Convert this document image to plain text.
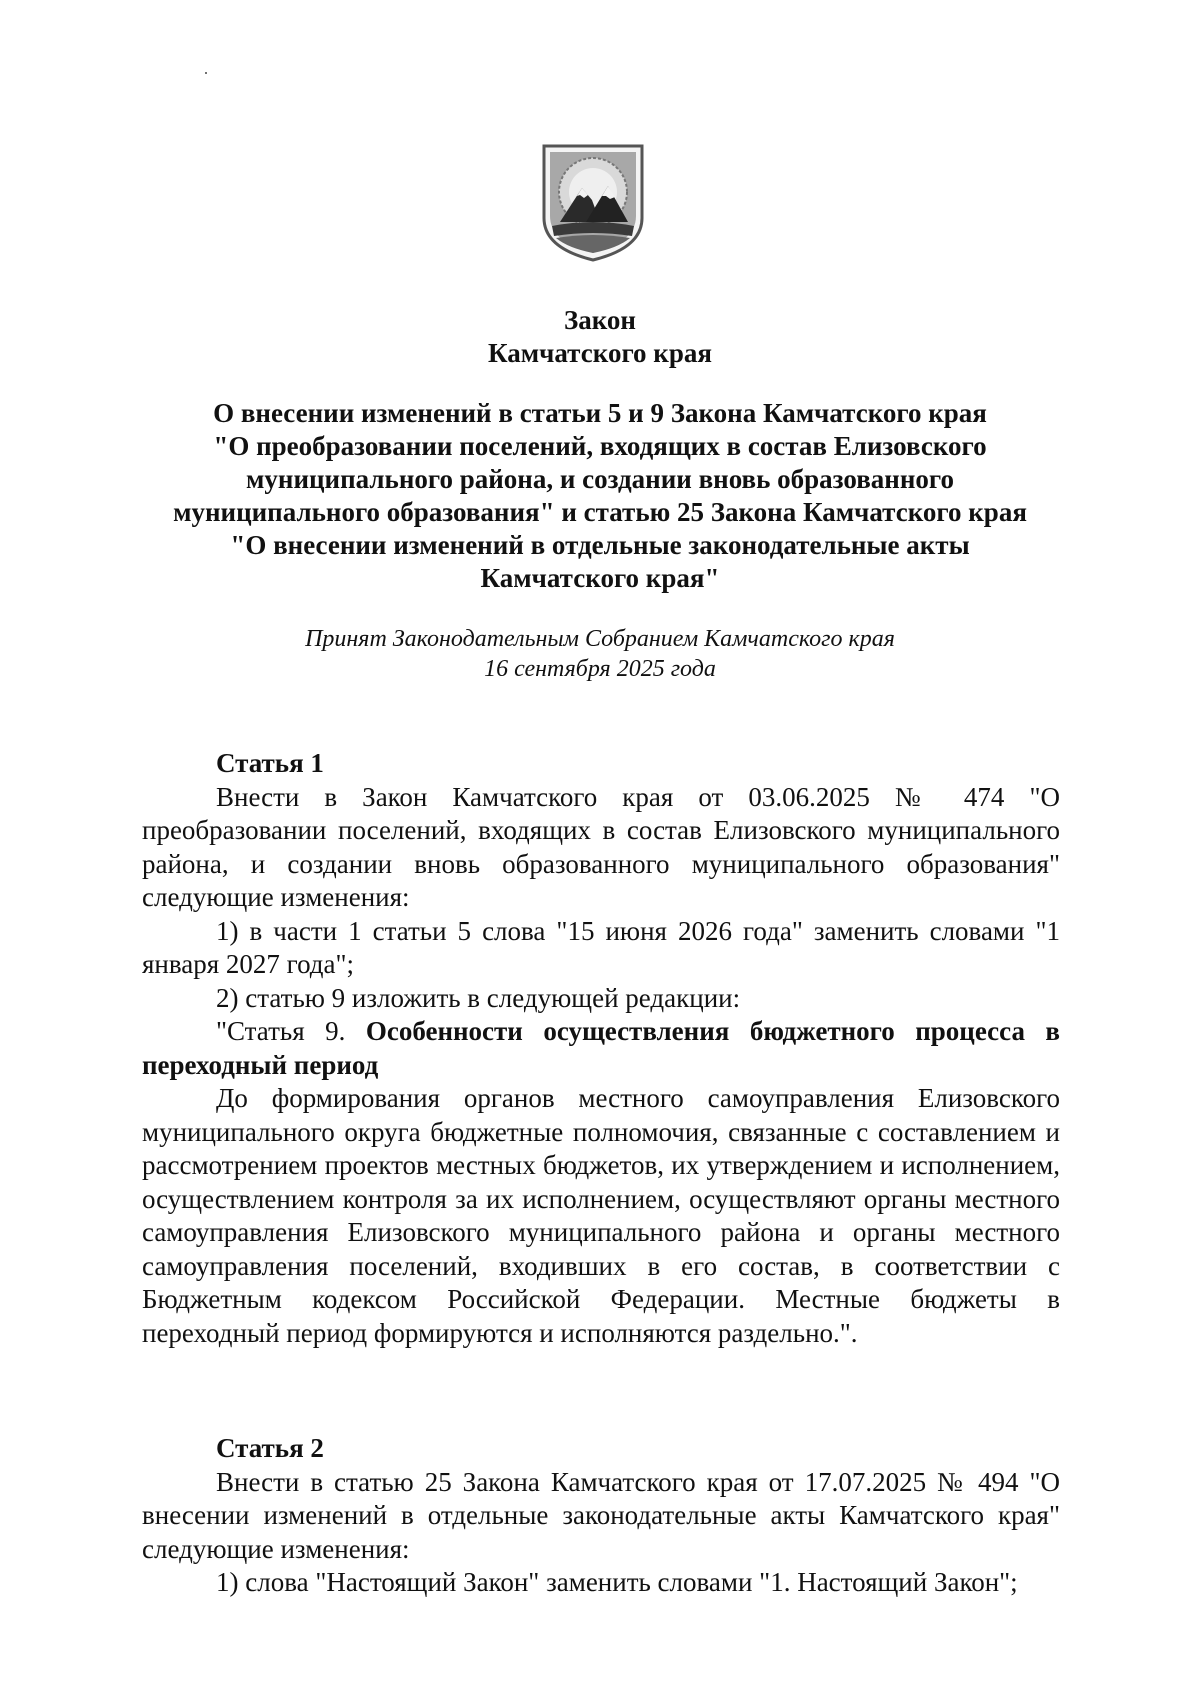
Закон
Камчатского края
О внесении изменений в статьи 5 и 9 Закона Камчатского края
"О преобразовании поселений, входящих в состав Елизовского
муниципального района, и создании вновь образованного
муниципального образования" и статью 25 Закона Камчатского края
"О внесении изменений в отдельные законодательные акты
Камчатского края"
Принят Законодательным Собранием Камчатского края
16 сентября 2025 года

Статья 1

Внести в Закон Камчатского края от 03.06.2025 № 474 "О преобразовании поселений, входящих в состав Елизовского муниципального района, и создании вновь образованного муниципального образования" следующие изменения:

1) в части 1 статьи 5 слова "15 июня 2026 года" заменить словами "1 января 2027 года";

2) статью 9 изложить в следующей редакции:

"Статья 9. Особенности осуществления бюджетного процесса в переходный период

До формирования органов местного самоуправления Елизовского муниципального округа бюджетные полномочия, связанные с составлением и рассмотрением проектов местных бюджетов, их утверждением и исполнением, осуществлением контроля за их исполнением, осуществляют органы местного самоуправления Елизовского муниципального района и органы местного самоуправления поселений, входивших в его состав, в соответствии с Бюджетным кодексом Российской Федерации. Местные бюджеты в переходный период формируются и исполняются раздельно.".

Статья 2

Внести в статью 25 Закона Камчатского края от 17.07.2025 № 494 "О внесении изменений в отдельные законодательные акты Камчатского края" следующие изменения:

1) слова "Настоящий Закон" заменить словами "1. Настоящий Закон";
